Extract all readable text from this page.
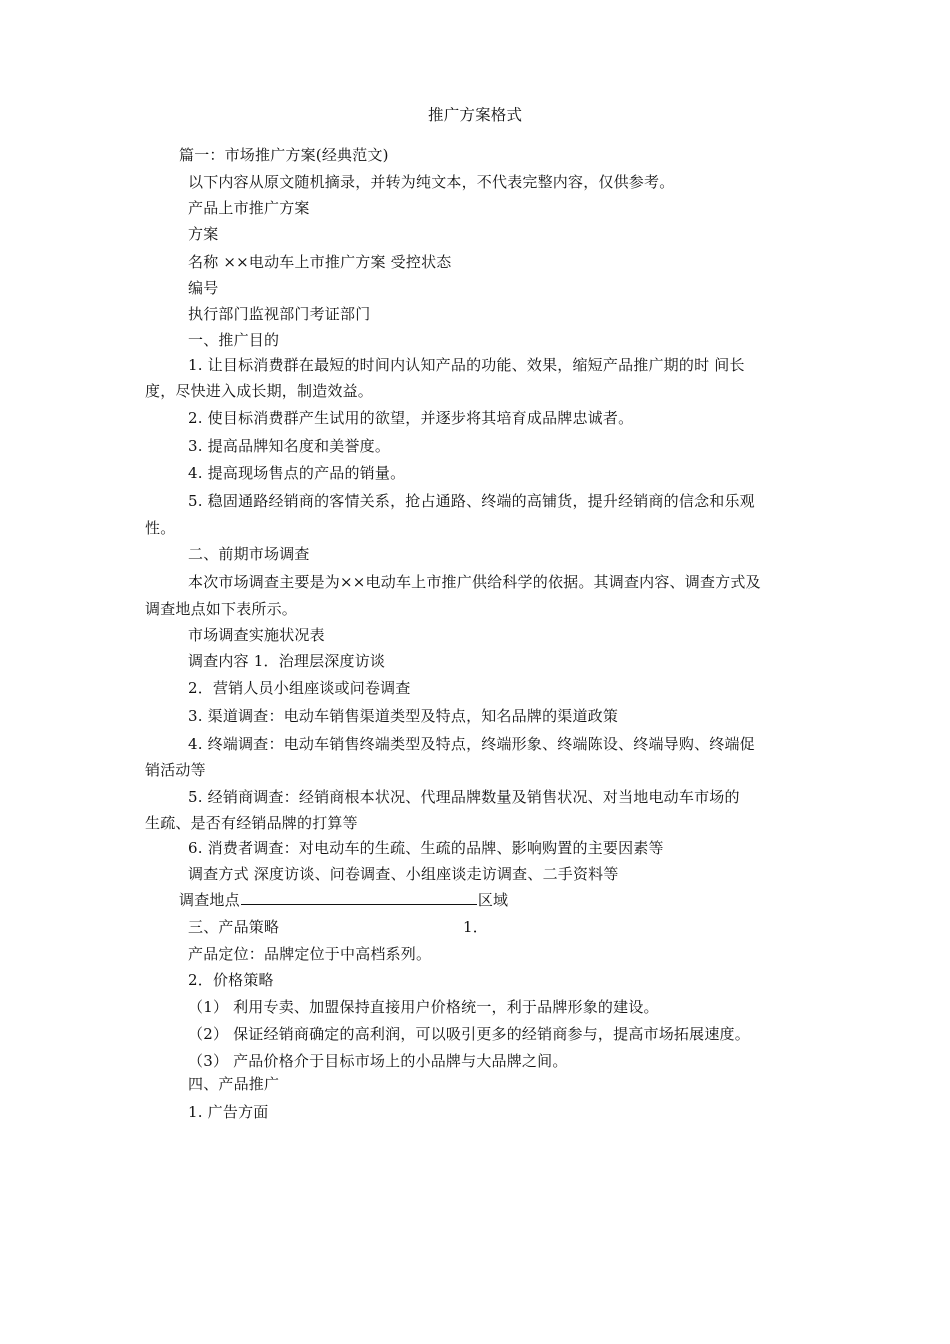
推广方案格式

篇一：市场推广方案(经典范文)

以下内容从原文随机摘录，并转为纯文本，不代表完整内容，仅供参考。

产品上市推广方案

方案

名称 ××电动车上市推广方案 受控状态

编号

执行部门监视部门考证部门

一、推广目的

1. 让目标消费群在最短的时间内认知产品的功能、效果，缩短产品推广期的时 间长

度，尽快进入成长期，制造效益。

2. 使目标消费群产生试用的欲望，并逐步将其培育成品牌忠诚者。

3. 提高品牌知名度和美誉度。

4. 提高现场售点的产品的销量。

5. 稳固通路经销商的客情关系，抢占通路、终端的高铺货，提升经销商的信念和乐观

性。

二、前期市场调查

本次市场调查主要是为××电动车上市推广供给科学的依据。其调查内容、调查方式及

调查地点如下表所示。

市场调查实施状况表

调查内容 1．治理层深度访谈

2．营销人员小组座谈或问卷调查

3. 渠道调查：电动车销售渠道类型及特点，知名品牌的渠道政策

4. 终端调查：电动车销售终端类型及特点，终端形象、终端陈设、终端导购、终端促

销活动等

5. 经销商调查：经销商根本状况、代理品牌数量及销售状况、对当地电动车市场的

生疏、是否有经销品牌的打算等

6. 消费者调查：对电动车的生疏、生疏的品牌、影响购置的主要因素等

调查方式 深度访谈、问卷调查、小组座谈走访调查、二手资料等

调查地点	区域

三、产品策略	1．

产品定位：品牌定位于中高档系列。

2．价格策略

（1） 利用专卖、加盟保持直接用户价格统一，利于品牌形象的建设。

（2） 保证经销商确定的高利润，可以吸引更多的经销商参与，提高市场拓展速度。

（3） 产品价格介于目标市场上的小品牌与大品牌之间。

四、产品推广

1. 广告方面
